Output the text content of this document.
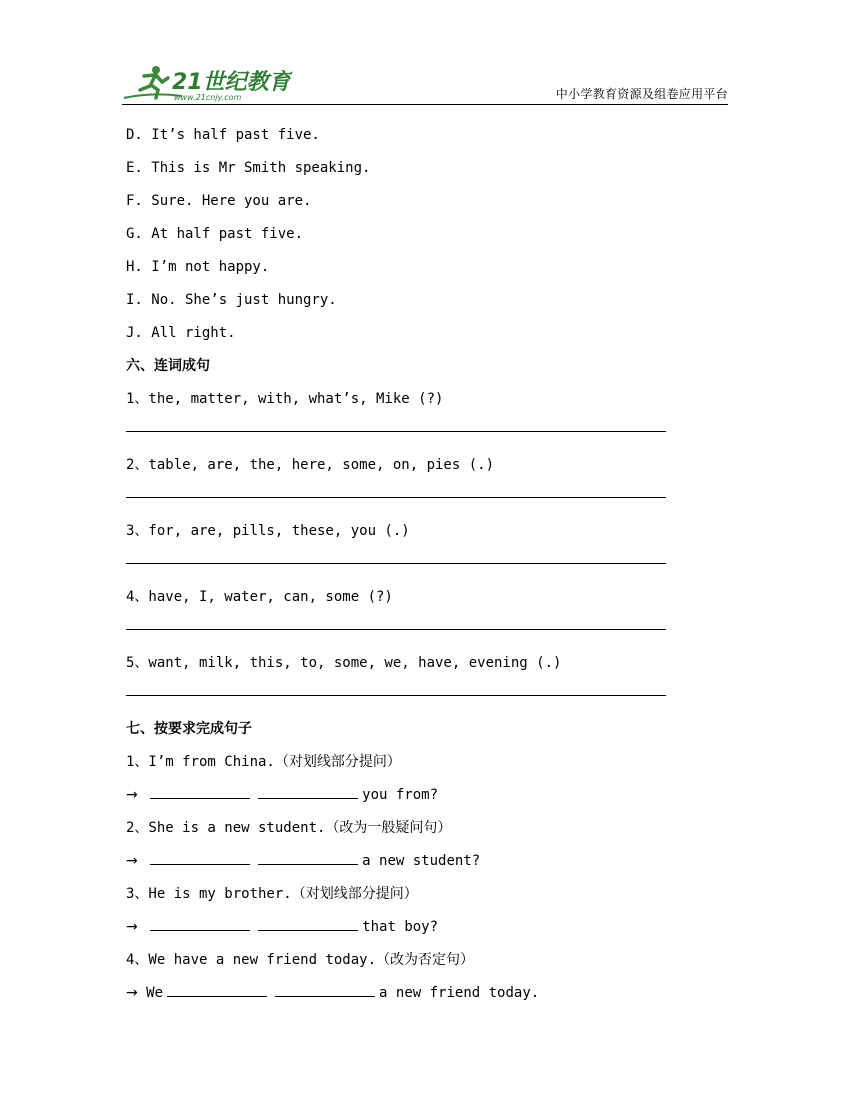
21世纪教育
www.21cnjy.com	中小学教育资源及组卷应用平台
D. It’s half past five.
E. This is Mr Smith speaking.
F. Sure. Here you are.
G. At half past five.
H. I’m not happy.
I. No. She’s just hungry.
J. All right.
六、连词成句
1、the, matter, with, what’s, Mike (?)
2、table, are, the, here, some, on, pies (.)
3、for, are, pills, these, you (.)
4、have, I, water, can, some (?)
5、want, milk, this, to, some, we, have, evening (.)
七、按要求完成句子
1、I’m from China.（对划线部分提问）
→	you from?
2、She is a new student.（改为一般疑问句）
→	a new student?
3、He is my brother.（对划线部分提问）
→	that boy?
4、We have a new friend today.（改为否定句）
→ We	a new friend today.
